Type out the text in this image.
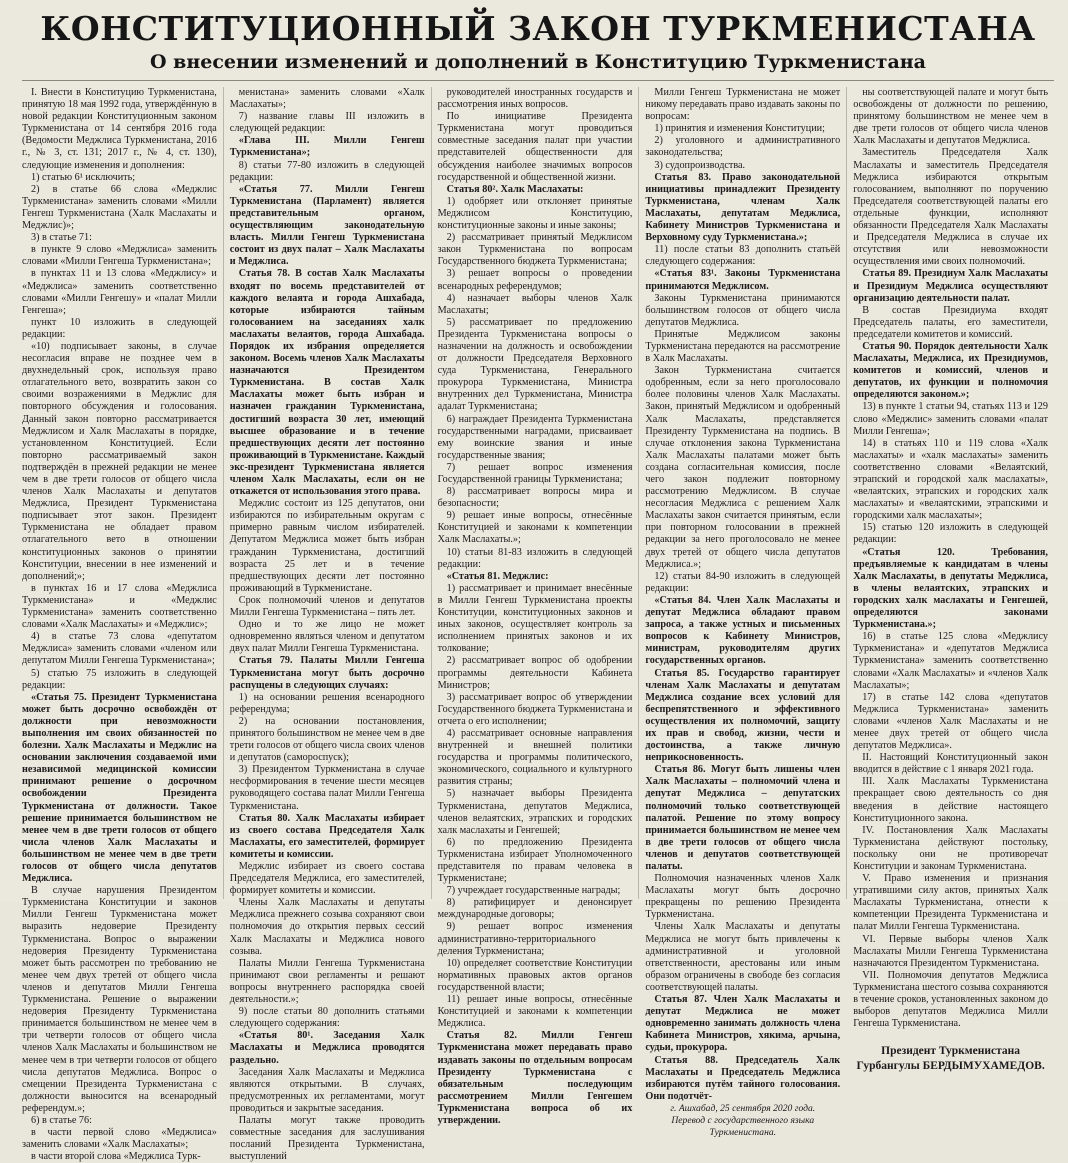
КОНСТИТУЦИОННЫЙ ЗАКОН ТУРКМЕНИСТАНА
О внесении изменений и дополнений в Конституцию Туркменистана

I. Внести в Конституцию Туркменистана, принятую 18 мая 1992 года, утверждённую в новой редакции Конституционным законом Туркменистана от 14 сентября 2016 года (Ведомости Меджлиса Туркменистана, 2016 г., № 3, ст. 131; 2017 г., № 4, ст. 130), следующие изменения и дополнения:

1) статью 6¹ исключить;

2) в статье 66 слова «Меджлис Туркменистана» заменить словами «Милли Генгеш Туркменистана (Халк Маслахаты и Меджлис)»;

3) в статье 71:

в пункте 9 слово «Меджлиса» заменить словами «Милли Генгеша Туркменистана»;

в пунктах 11 и 13 слова «Меджлису» и «Меджлиса» заменить соответственно словами «Милли Генгешу» и «палат Милли Генгеша»;

пункт 10 изложить в следующей редакции:

«10) подписывает законы, в случае несогласия вправе не позднее чем в двухнедельный срок, используя право отлагательного вето, возвратить закон со своими возражениями в Меджлис для повторного обсуждения и голосования. Данный закон повторно рассматривается Меджлисом и Халк Маслахаты в порядке, установленном Конституцией. Если повторно рассматриваемый закон подтверждён в прежней редакции не менее чем в две трети голосов от общего числа членов Халк Маслахаты и депутатов Меджлиса, Президент Туркменистана подписывает этот закон. Президент Туркменистана не обладает правом отлагательного вето в отношении конституционных законов о принятии Конституции, внесении в нее изменений и дополнений;»;

в пунктах 16 и 17 слова «Меджлиса Туркменистана» и «Меджлис Туркменистана» заменить соответственно словами «Халк Маслахаты» и «Меджлис»;

4) в статье 73 слова «депутатом Меджлиса» заменить словами «членом или депутатом Милли Генгеша Туркменистана»;

5) статью 75 изложить в следующей редакции:

«Статья 75. Президент Туркменистана может быть досрочно освобождён от должности при невозможности выполнения им своих обязанностей по болезни. Халк Маслахаты и Меджлис на основании заключения создаваемой ими независимой медицинской комиссии принимают решение о досрочном освобождении Президента Туркменистана от должности. Такое решение принимается большинством не менее чем в две трети голосов от общего числа членов Халк Маслахаты и большинством не менее чем в две трети голосов от общего числа депутатов Меджлиса.

В случае нарушения Президентом Туркменистана Конституции и законов Милли Генгеш Туркменистана может выразить недоверие Президенту Туркменистана. Вопрос о выражении недоверия Президенту Туркменистана может быть рассмотрен по требованию не менее чем двух третей от общего числа членов и депутатов Милли Генгеша Туркменистана. Решение о выражении недоверия Президенту Туркменистана принимается большинством не менее чем в три четверти голосов от общего числа членов Халк Маслахаты и большинством не менее чем в три четверти голосов от общего числа депутатов Меджлиса. Вопрос о смещении Президента Туркменистана с должности выносится на всенародный референдум.»;

6) в статье 76:

в части первой слово «Меджлиса» заменить словами «Халк Маслахаты»;

в части второй слова «Меджлиса Турк-

менистана» заменить словами «Халк Маслахаты»;

7) название главы III изложить в следующей редакции:

«Глава III. Милли Генгеш Туркменистана»;

8) статьи 77-80 изложить в следующей редакции:

«Статья 77. Милли Генгеш Туркменистана (Парламент) является представительным органом, осуществляющим законодательную власть. Милли Генгеш Туркменистана состоит из двух палат – Халк Маслахаты и Меджлиса.

Статья 78. В состав Халк Маслахаты входят по восемь представителей от каждого велаята и города Ашхабада, которые избираются тайным голосованием на заседаниях халк маслахаты велаятов, города Ашхабада. Порядок их избрания определяется законом. Восемь членов Халк Маслахаты назначаются Президентом Туркменистана. В состав Халк Маслахаты может быть избран и назначен гражданин Туркменистана, достигший возраста 30 лет, имеющий высшее образование и в течение предшествующих десяти лет постоянно проживающий в Туркменистане. Каждый экс-президент Туркменистана является членом Халк Маслахаты, если он не откажется от использования этого права.

Меджлис состоит из 125 депутатов, они избираются по избирательным округам с примерно равным числом избирателей. Депутатом Меджлиса может быть избран гражданин Туркменистана, достигший возраста 25 лет и в течение предшествующих десяти лет постоянно проживающий в Туркменистане.

Срок полномочий членов и депутатов Милли Генгеша Туркменистана – пять лет.

Одно и то же лицо не может одновременно являться членом и депутатом двух палат Милли Генгеша Туркменистана.

Статья 79. Палаты Милли Генгеша Туркменистана могут быть досрочно распущены в следующих случаях:

1) на основании решения всенародного референдума;

2) на основании постановления, принятого большинством не менее чем в две трети голосов от общего числа своих членов и депутатов (самороспуск);

3) Президентом Туркменистана в случае несформирования в течение шести месяцев руководящего состава палат Милли Генгеша Туркменистана.

Статья 80. Халк Маслахаты избирает из своего состава Председателя Халк Маслахаты, его заместителей, формирует комитеты и комиссии.

Меджлис избирает из своего состава Председателя Меджлиса, его заместителей, формирует комитеты и комиссии.

Члены Халк Маслахаты и депутаты Меджлиса прежнего созыва сохраняют свои полномочия до открытия первых сессий Халк Маслахаты и Меджлиса нового созыва.

Палаты Милли Генгеша Туркменистана принимают свои регламенты и решают вопросы внутреннего распорядка своей деятельности.»;

9) после статьи 80 дополнить статьями следующего содержания:

«Статья 80¹. Заседания Халк Маслахаты и Меджлиса проводятся раздельно.

Заседания Халк Маслахаты и Меджлиса являются открытыми. В случаях, предусмотренных их регламентами, могут проводиться и закрытые заседания.

Палаты могут также проводить совместные заседания для заслушивания посланий Президента Туркменистана, выступлений

руководителей иностранных государств и рассмотрения иных вопросов.

По инициативе Президента Туркменистана могут проводиться совместные заседания палат при участии представителей общественности для обсуждения наиболее значимых вопросов государственной и общественной жизни.

Статья 80². Халк Маслахаты:

1) одобряет или отклоняет принятые Меджлисом Конституцию, конституционные законы и иные законы;

2) рассматривает принятый Меджлисом закон Туркменистана по вопросам Государственного бюджета Туркменистана;

3) решает вопросы о проведении всенародных референдумов;

4) назначает выборы членов Халк Маслахаты;

5) рассматривает по предложению Президента Туркменистана вопросы о назначении на должность и освобождении от должности Председателя Верховного суда Туркменистана, Генерального прокурора Туркменистана, Министра внутренних дел Туркменистана, Министра адалат Туркменистана;

6) награждает Президента Туркменистана государственными наградами, присваивает ему воинские звания и иные государственные звания;

7) решает вопрос изменения Государственной границы Туркменистана;

8) рассматривает вопросы мира и безопасности;

9) решает иные вопросы, отнесённые Конституцией и законами к компетенции Халк Маслахаты.»;

10) статьи 81-83 изложить в следующей редакции:

«Статья 81. Меджлис:

1) рассматривает и принимает внесённые в Милли Генгеш Туркменистана проекты Конституции, конституционных законов и иных законов, осуществляет контроль за исполнением принятых законов и их толкование;

2) рассматривает вопрос об одобрении программы деятельности Кабинета Министров;

3) рассматривает вопрос об утверждении Государственного бюджета Туркменистана и отчета о его исполнении;

4) рассматривает основные направления внутренней и внешней политики государства и программы политического, экономического, социального и культурного развития страны;

5) назначает выборы Президента Туркменистана, депутатов Меджлиса, членов велаятских, этрапских и городских халк маслахаты и Генгешей;

6) по предложению Президента Туркменистана избирает Уполномоченного представителя по правам человека в Туркменистане;

7) учреждает государственные награды;

8) ратифицирует и денонсирует международные договоры;

9) решает вопрос изменения административно-территориального деления Туркменистана;

10) определяет соответствие Конституции нормативных правовых актов органов государственной власти;

11) решает иные вопросы, отнесённые Конституцией и законами к компетенции Меджлиса.

Статья 82. Милли Генгеш Туркменистана может передавать право издавать законы по отдельным вопросам Президенту Туркменистана с обязательным последующим рассмотрением Милли Генгешем Туркменистана вопроса об их утверждении.

Милли Генгеш Туркменистана не может никому передавать право издавать законы по вопросам:

1) принятия и изменения Конституции;

2) уголовного и административного законодательства;

3) судопроизводства.

Статья 83. Право законодательной инициативы принадлежит Президенту Туркменистана, членам Халк Маслахаты, депутатам Меджлиса, Кабинету Министров Туркменистана и Верховному суду Туркменистана.»;

11) после статьи 83 дополнить статьёй следующего содержания:

«Статья 83¹. Законы Туркменистана принимаются Меджлисом.

Законы Туркменистана принимаются большинством голосов от общего числа депутатов Меджлиса.

Принятые Меджлисом законы Туркменистана передаются на рассмотрение в Халк Маслахаты.

Закон Туркменистана считается одобренным, если за него проголосовало более половины членов Халк Маслахаты. Закон, принятый Меджлисом и одобренный Халк Маслахаты, представляется Президенту Туркменистана на подпись. В случае отклонения закона Туркменистана Халк Маслахаты палатами может быть создана согласительная комиссия, после чего закон подлежит повторному рассмотрению Меджлисом. В случае несогласия Меджлиса с решением Халк Маслахаты закон считается принятым, если при повторном голосовании в прежней редакции за него проголосовало не менее двух третей от общего числа депутатов Меджлиса.»;

12) статьи 84-90 изложить в следующей редакции:

«Статья 84. Член Халк Маслахаты и депутат Меджлиса обладают правом запроса, а также устных и письменных вопросов к Кабинету Министров, министрам, руководителям других государственных органов.

Статья 85. Государство гарантирует членам Халк Маслахаты и депутатам Меджлиса создание всех условий для беспрепятственного и эффективного осуществления их полномочий, защиту их прав и свобод, жизни, чести и достоинства, а также личную неприкосновенность.

Статья 86. Могут быть лишены член Халк Маслахаты – полномочий члена и депутат Меджлиса – депутатских полномочий только соответствующей палатой. Решение по этому вопросу принимается большинством не менее чем в две трети голосов от общего числа членов и депутатов соответствующей палаты.

Полномочия назначенных членов Халк Маслахаты могут быть досрочно прекращены по решению Президента Туркменистана.

Члены Халк Маслахаты и депутаты Меджлиса не могут быть привлечены к административной и уголовной ответственности, арестованы или иным образом ограничены в свободе без согласия соответствующей палаты.

Статья 87. Член Халк Маслахаты и депутат Меджлиса не может одновременно занимать должность члена Кабинета Министров, хякима, арчына, судьи, прокурора.

Статья 88. Председатель Халк Маслахаты и Председатель Меджлиса избираются путём тайного голосования. Они подотчёт-

г. Ашхабад, 25 сентября 2020 года.

Перевод с государственного языка Туркменистана.

ны соответствующей палате и могут быть освобождены от должности по решению, принятому большинством не менее чем в две трети голосов от общего числа членов Халк Маслахаты и депутатов Меджлиса.

Заместитель Председателя Халк Маслахаты и заместитель Председателя Меджлиса избираются открытым голосованием, выполняют по поручению Председателя соответствующей палаты его отдельные функции, исполняют обязанности Председателя Халк Маслахаты и Председателя Меджлиса в случае их отсутствия или невозможности осуществления ими своих полномочий.

Статья 89. Президиум Халк Маслахаты и Президиум Меджлиса осуществляют организацию деятельности палат.

В состав Президиума входят Председатель палаты, его заместители, председатели комитетов и комиссий.

Статья 90. Порядок деятельности Халк Маслахаты, Меджлиса, их Президиумов, комитетов и комиссий, членов и депутатов, их функции и полномочия определяются законом.»;

13) в пункте 1 статьи 94, статьях 113 и 129 слово «Меджлис» заменить словами «палат Милли Генгеша»;

14) в статьях 110 и 119 слова «Халк маслахаты» и «халк маслахаты» заменить соответственно словами «Велаятский, этрапский и городской халк маслахаты», «велаятских, этрапских и городских халк маслахаты» и «велаятскими, этрапскими и городскими халк маслахаты»;

15) статью 120 изложить в следующей редакции:

«Статья 120. Требования, предъявляемые к кандидатам в члены Халк Маслахаты, в депутаты Меджлиса, в члены велаятских, этрапских и городских халк маслахаты и Генгешей, определяются законами Туркменистана.»;

16) в статье 125 слова «Меджлису Туркменистана» и «депутатов Меджлиса Туркменистана» заменить соответственно словами «Халк Маслахаты» и «членов Халк Маслахаты»;

17) в статье 142 слова «депутатов Меджлиса Туркменистана» заменить словами «членов Халк Маслахаты и не менее двух третей от общего числа депутатов Меджлиса».

II. Настоящий Конституционный закон вводится в действие с 1 января 2021 года.

III. Халк Маслахаты Туркменистана прекращает свою деятельность со дня введения в действие настоящего Конституционного закона.

IV. Постановления Халк Маслахаты Туркменистана действуют постольку, поскольку они не противоречат Конституции и законам Туркменистана.

V. Право изменения и признания утратившими силу актов, принятых Халк Маслахаты Туркменистана, отнести к компетенции Президента Туркменистана и палат Милли Генгеша Туркменистана.

VI. Первые выборы членов Халк Маслахаты Милли Генгеша Туркменистана назначаются Президентом Туркменистана.

VII. Полномочия депутатов Меджлиса Туркменистана шестого созыва сохраняются в течение сроков, установленных законом до выборов депутатов Меджлиса Милли Генгеша Туркменистана.

Президент Туркменистана
Гурбангулы БЕРДЫМУХАМЕДОВ.
